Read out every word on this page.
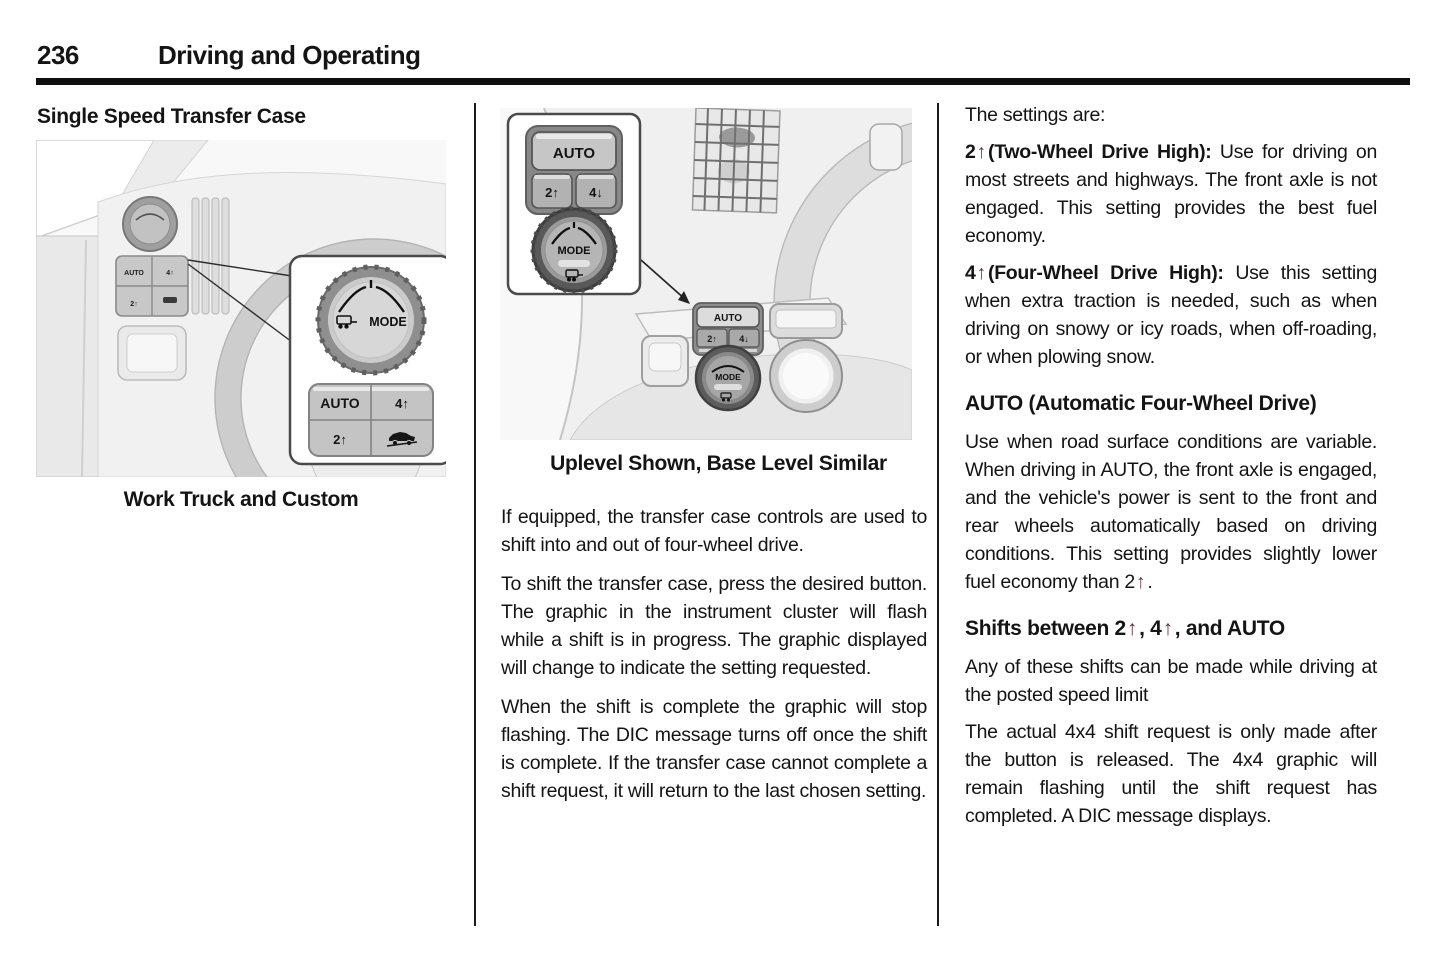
236	Driving and Operating
Single Speed Transfer Case
AUTO	4↑
2↑
MODE
AUTO	4↑
2↑
Work Truck and Custom
AUTO
2↑ 4↓
MODE
AUTO
2↑ 4↓
MODE
Uplevel Shown, Base Level Similar

If equipped, the transfer case controls are used to shift into and out of four-wheel drive.

To shift the transfer case, press the desired button. The graphic in the instrument cluster will flash while a shift is in progress. The graphic displayed will change to indicate the setting requested.

When the shift is complete the graphic will stop flashing. The DIC message turns off once the shift is complete. If the transfer case cannot complete a shift request, it will return to the last chosen setting.

The settings are:

2↑ (Two-Wheel Drive High): Use for driving on most streets and highways. The front axle is not engaged. This setting provides the best fuel economy.

4↑ (Four-Wheel Drive High): Use this setting when extra traction is needed, such as when driving on snowy or icy roads, when off-roading, or when plowing snow.

AUTO (Automatic Four-Wheel Drive)

Use when road surface conditions are variable. When driving in AUTO, the front axle is engaged, and the vehicle's power is sent to the front and rear wheels automatically based on driving conditions. This setting provides slightly lower fuel economy than 2↑ .

Shifts between 2↑, 4↑, and AUTO

Any of these shifts can be made while driving at the posted speed limit

The actual 4x4 shift request is only made after the button is released. The 4x4 graphic will remain flashing until the shift request has completed. A DIC message displays.
